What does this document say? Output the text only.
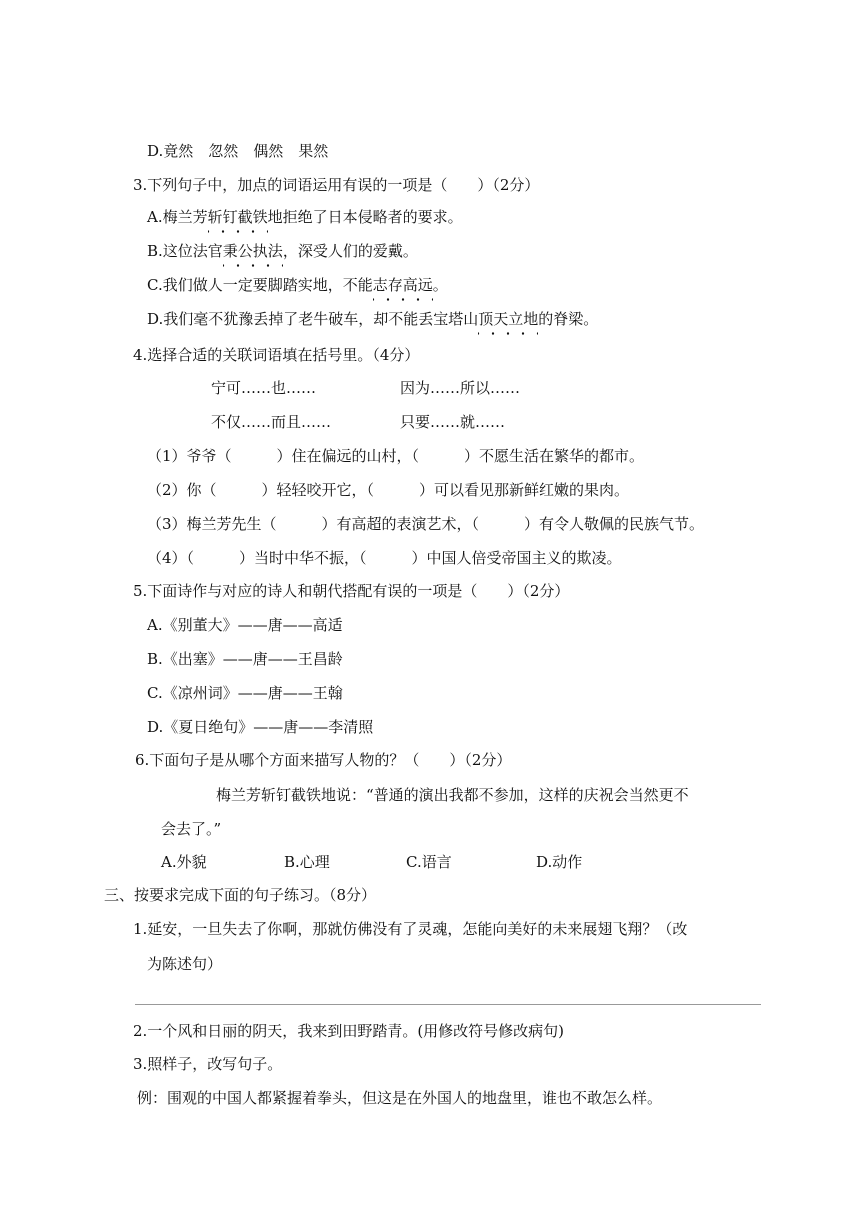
D.竟然　忽然　偶然　果然
3.下列句子中，加点的词语运用有误的一项是（　　）（2分）
A.梅兰芳斩钉截铁地拒绝了日本侵略者的要求。
B.这位法官秉公执法，深受人们的爱戴。
C.我们做人一定要脚踏实地，不能志存高远。
D.我们毫不犹豫丢掉了老牛破车，却不能丢宝塔山顶天立地的脊梁。
4.选择合适的关联词语填在括号里。（4分）
宁可……也……	因为……所以……
不仅……而且……	只要……就……
（1）爷爷（　　　）住在偏远的山村，（　　　）不愿生活在繁华的都市。
（2）你（　　　）轻轻咬开它，（　　　）可以看见那新鲜红嫩的果肉。
（3）梅兰芳先生（　　　）有高超的表演艺术，（　　　）有令人敬佩的民族气节。
（4）（　　　）当时中华不振，（　　　）中国人倍受帝国主义的欺凌。
5.下面诗作与对应的诗人和朝代搭配有误的一项是（　　）（2分）
A.《别董大》——唐——高适
B.《出塞》——唐——王昌龄
C.《凉州词》——唐——王翰
D.《夏日绝句》——唐——李清照
6.下面句子是从哪个方面来描写人物的？（　　）（2分）
梅兰芳斩钉截铁地说：“普通的演出我都不参加，这样的庆祝会当然更不
会去了。”
A.外貌	B.心理	C.语言	D.动作
三、按要求完成下面的句子练习。（8分）
1.延安，一旦失去了你啊，那就仿佛没有了灵魂，怎能向美好的未来展翅飞翔？（改
为陈述句）
2.一个风和日丽的阴天，我来到田野踏青。(用修改符号修改病句)
3.照样子，改写句子。
例：围观的中国人都紧握着拳头，但这是在外国人的地盘里，谁也不敢怎么样。
